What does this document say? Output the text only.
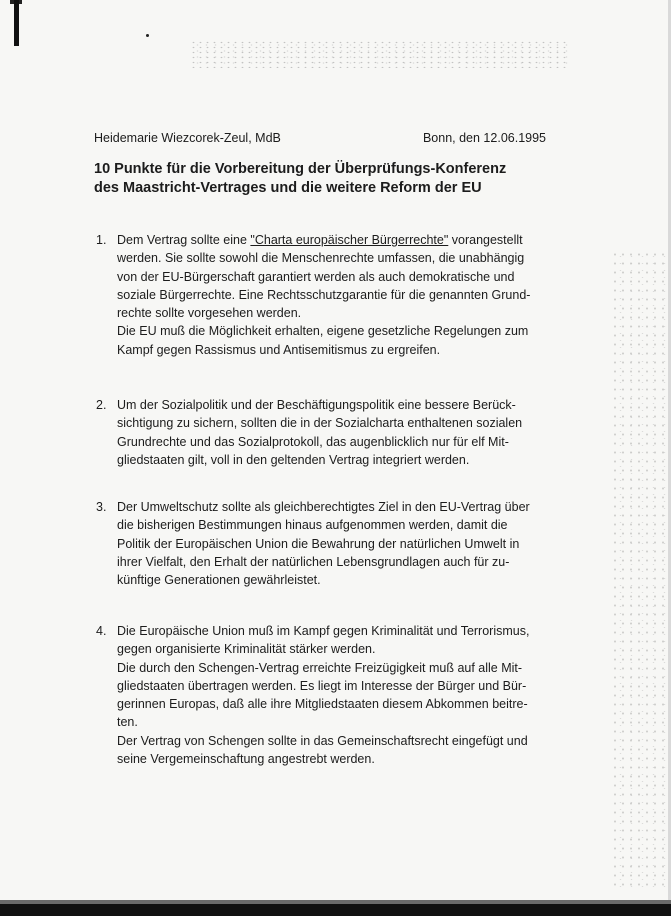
Heidemarie Wiezcorek-Zeul, MdB	Bonn, den 12.06.1995
10 Punkte für die Vorbereitung der Überprüfungs-Konferenz
des Maastricht-Vertrages und die weitere Reform der EU
1. Dem Vertrag sollte eine "Charta europäischer Bürgerrechte" vorangestellt

werden. Sie sollte sowohl die Menschenrechte umfassen, die unabhängig

von der EU-Bürgerschaft garantiert werden als auch demokratische und

soziale Bürgerrechte. Eine Rechtsschutzgarantie für die genannten Grund-

rechte sollte vorgesehen werden.

Die EU muß die Möglichkeit erhalten, eigene gesetzliche Regelungen zum

Kampf gegen Rassismus und Antisemitismus zu ergreifen.

2. Um der Sozialpolitik und der Beschäftigungspolitik eine bessere Berück-

sichtigung zu sichern, sollten die in der Sozialcharta enthaltenen sozialen

Grundrechte und das Sozialprotokoll, das augenblicklich nur für elf Mit-

gliedstaaten gilt, voll in den geltenden Vertrag integriert werden.

3. Der Umweltschutz sollte als gleichberechtigtes Ziel in den EU-Vertrag über

die bisherigen Bestimmungen hinaus aufgenommen werden, damit die

Politik der Europäischen Union die Bewahrung der natürlichen Umwelt in

ihrer Vielfalt, den Erhalt der natürlichen Lebensgrundlagen auch für zu-

künftige Generationen gewährleistet.

4. Die Europäische Union muß im Kampf gegen Kriminalität und Terrorismus,

gegen organisierte Kriminalität stärker werden.

Die durch den Schengen-Vertrag erreichte Freizügigkeit muß auf alle Mit-

gliedstaaten übertragen werden. Es liegt im Interesse der Bürger und Bür-

gerinnen Europas, daß alle ihre Mitgliedstaaten diesem Abkommen beitre-

ten.

Der Vertrag von Schengen sollte in das Gemeinschaftsrecht eingefügt und

seine Vergemeinschaftung angestrebt werden.
